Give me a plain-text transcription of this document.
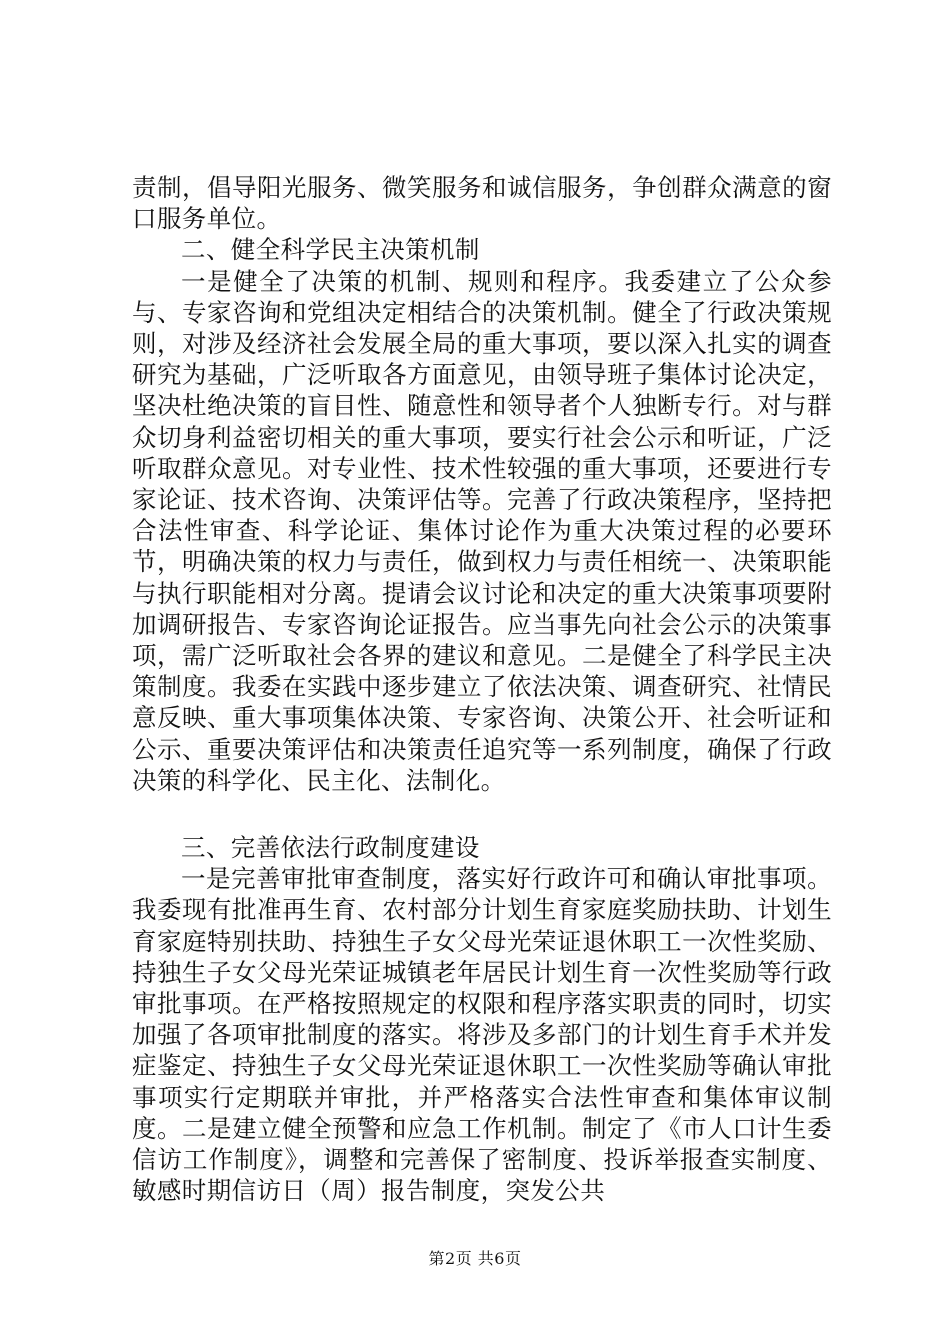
责制，倡导阳光服务、微笑服务和诚信服务，争创群众满意的窗口服务单位。

二、健全科学民主决策机制

一是健全了决策的机制、规则和程序。我委建立了公众参与、专家咨询和党组决定相结合的决策机制。健全了行政决策规则，对涉及经济社会发展全局的重大事项，要以深入扎实的调查研究为基础，广泛听取各方面意见，由领导班子集体讨论决定，坚决杜绝决策的盲目性、随意性和领导者个人独断专行。对与群众切身利益密切相关的重大事项，要实行社会公示和听证，广泛听取群众意见。对专业性、技术性较强的重大事项，还要进行专家论证、技术咨询、决策评估等。完善了行政决策程序，坚持把合法性审查、科学论证、集体讨论作为重大决策过程的必要环节，明确决策的权力与责任，做到权力与责任相统一、决策职能与执行职能相对分离。提请会议讨论和决定的重大决策事项要附加调研报告、专家咨询论证报告。应当事先向社会公示的决策事项，需广泛听取社会各界的建议和意见。二是健全了科学民主决策制度。我委在实践中逐步建立了依法决策、调查研究、社情民意反映、重大事项集体决策、专家咨询、决策公开、社会听证和公示、重要决策评估和决策责任追究等一系列制度，确保了行政决策的科学化、民主化、法制化。

三、完善依法行政制度建设

一是完善审批审查制度，落实好行政许可和确认审批事项。我委现有批准再生育、农村部分计划生育家庭奖励扶助、计划生育家庭特别扶助、持独生子女父母光荣证退休职工一次性奖励、持独生子女父母光荣证城镇老年居民计划生育一次性奖励等行政审批事项。在严格按照规定的权限和程序落实职责的同时，切实加强了各项审批制度的落实。将涉及多部门的计划生育手术并发症鉴定、持独生子女父母光荣证退休职工一次性奖励等确认审批事项实行定期联并审批，并严格落实合法性审查和集体审议制度。二是建立健全预警和应急工作机制。制定了《市人口计生委信访工作制度》，调整和完善保了密制度、投诉举报查实制度、敏感时期信访日（周）报告制度，突发公共

第2页 共6页
